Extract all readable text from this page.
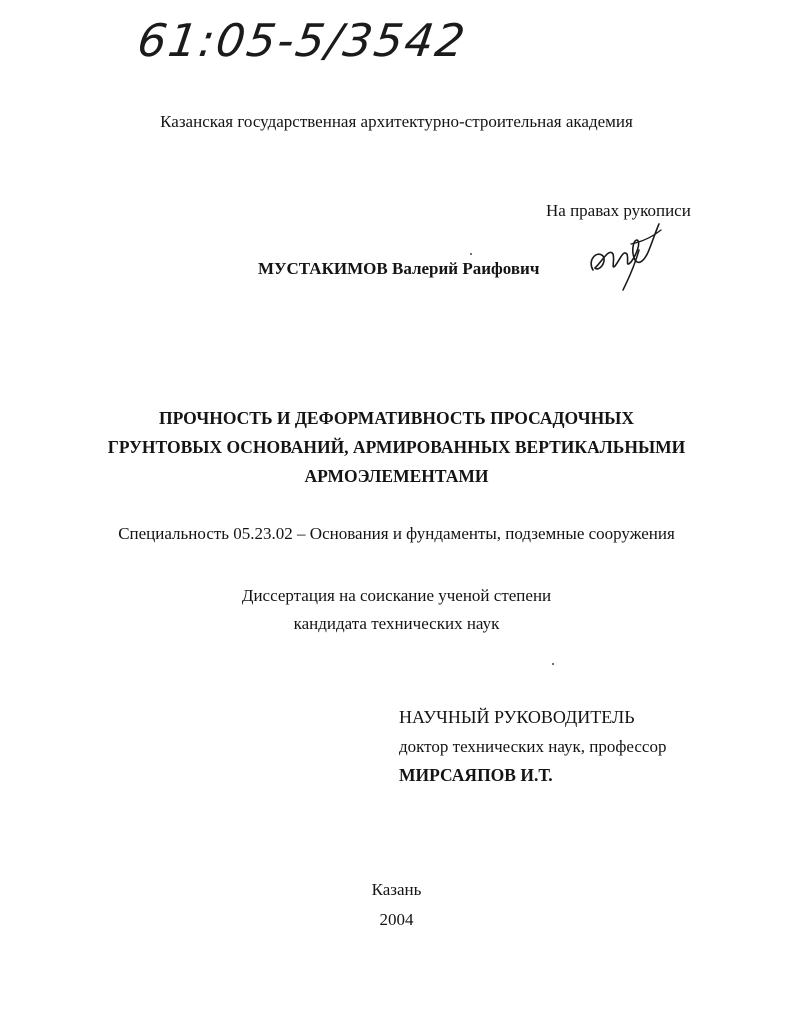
61:05-5/3542
Казанская государственная архитектурно-строительная академия
На правах рукописи
МУСТАКИМОВ Валерий Раифович
ПРОЧНОСТЬ И ДЕФОРМАТИВНОСТЬ ПРОСАДОЧНЫХ
ГРУНТОВЫХ ОСНОВАНИЙ, АРМИРОВАННЫХ ВЕРТИКАЛЬНЫМИ
АРМОЭЛЕМЕНТАМИ
Специальность 05.23.02 – Основания и фундаменты, подземные сооружения
Диссертация на соискание ученой степени
кандидата технических наук
НАУЧНЫЙ РУКОВОДИТЕЛЬ
доктор технических наук, профессор
МИРСАЯПОВ И.Т.
Казань
2004
